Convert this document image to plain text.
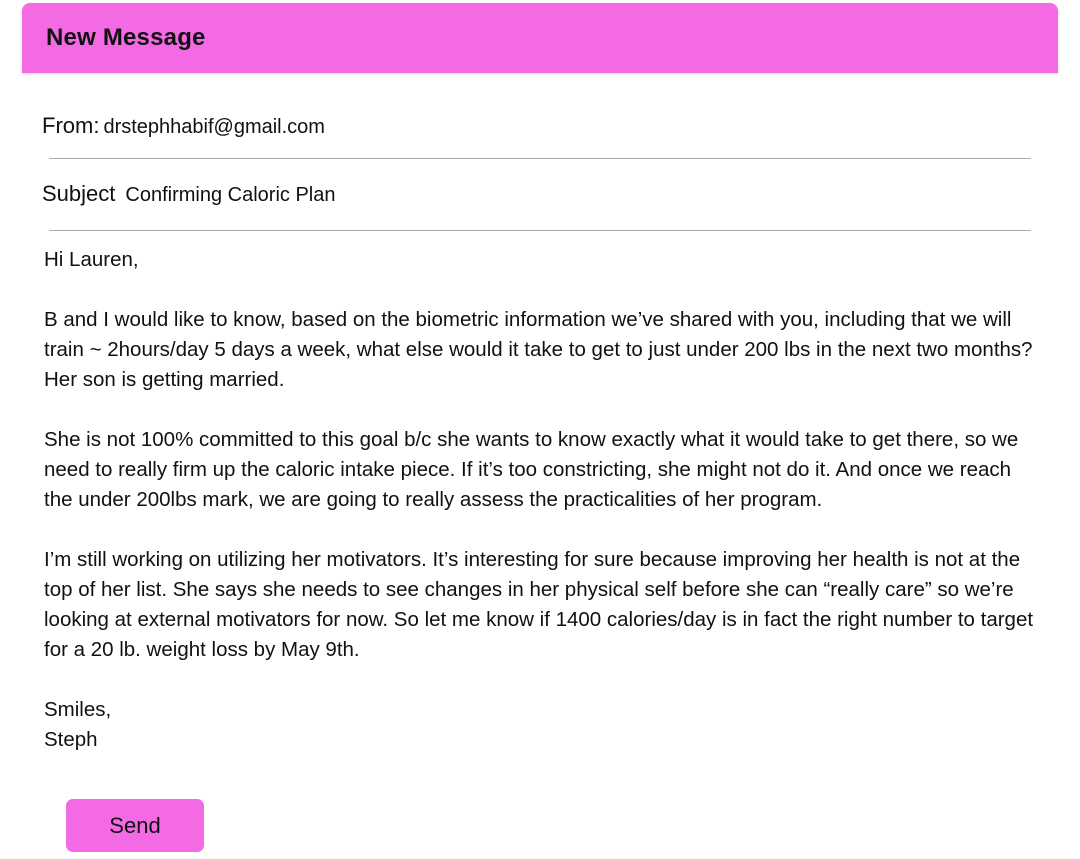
New Message
From: drstephhabif@gmail.com
Subject Confirming Caloric Plan

Hi Lauren,

B and I would like to know, based on the biometric information we’ve shared with you, including that we will train ~ 2hours/day 5 days a week, what else would it take to get to just under 200 lbs in the next two months? Her son is getting married.

She is not 100% committed to this goal b/c she wants to know exactly what it would take to get there, so we need to really firm up the caloric intake piece. If it’s too constricting, she might not do it. And once we reach the under 200lbs mark, we are going to really assess the practicalities of her program.

I’m still working on utilizing her motivators. It’s interesting for sure because improving her health is not at the top of her list. She says she needs to see changes in her physical self before she can “really care” so we’re looking at external motivators for now. So let me know if 1400 calories/day is in fact the right number to target for a 20 lb. weight loss by May 9th.

Smiles,

Steph

Send
